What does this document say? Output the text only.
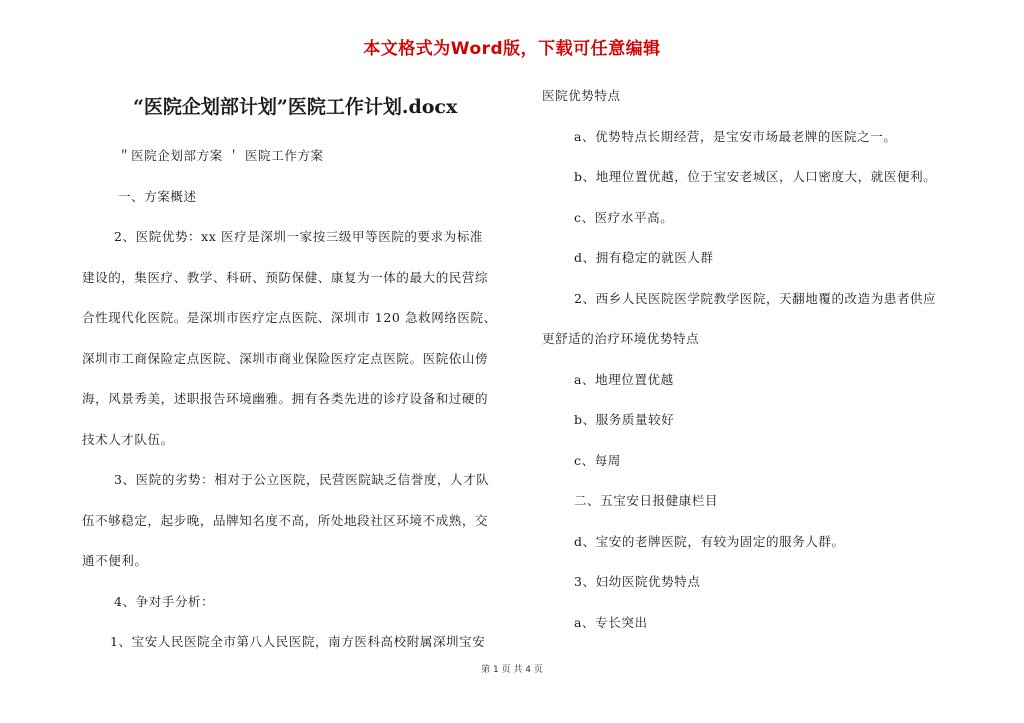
本文格式为Word版，下载可任意编辑
“医院企划部计划”医院工作计划.docx
＂医院企划部方案 ＇ 医院工作方案
一、方案概述
2、医院优势：xx 医疗是深圳一家按三级甲等医院的要求为标准
建设的，集医疗、教学、科研、预防保健、康复为一体的最大的民营综
合性现代化医院。是深圳市医疗定点医院、深圳市 120 急救网络医院、
深圳市工商保险定点医院、深圳市商业保险医疗定点医院。医院依山傍
海，风景秀美，述职报告环境幽雅。拥有各类先进的诊疗设备和过硬的
技术人才队伍。
3、医院的劣势：相对于公立医院，民营医院缺乏信誉度，人才队
伍不够稳定，起步晚，品牌知名度不高，所处地段社区环境不成熟，交
通不便利。
4、争对手分析：
1、宝安人民医院全市第八人民医院，南方医科高校附属深圳宝安
医院优势特点
a、优势特点长期经营，是宝安市场最老牌的医院之一。
b、地理位置优越，位于宝安老城区，人口密度大，就医便利。
c、医疗水平高。
d、拥有稳定的就医人群
2、西乡人民医院医学院教学医院，天翻地覆的改造为患者供应
更舒适的治疗环境优势特点
a、地理位置优越
b、服务质量较好
c、每周
二、五宝安日报健康栏目
d、宝安的老牌医院，有较为固定的服务人群。
3、妇幼医院优势特点
a、专长突出
第 1 页 共 4 页
